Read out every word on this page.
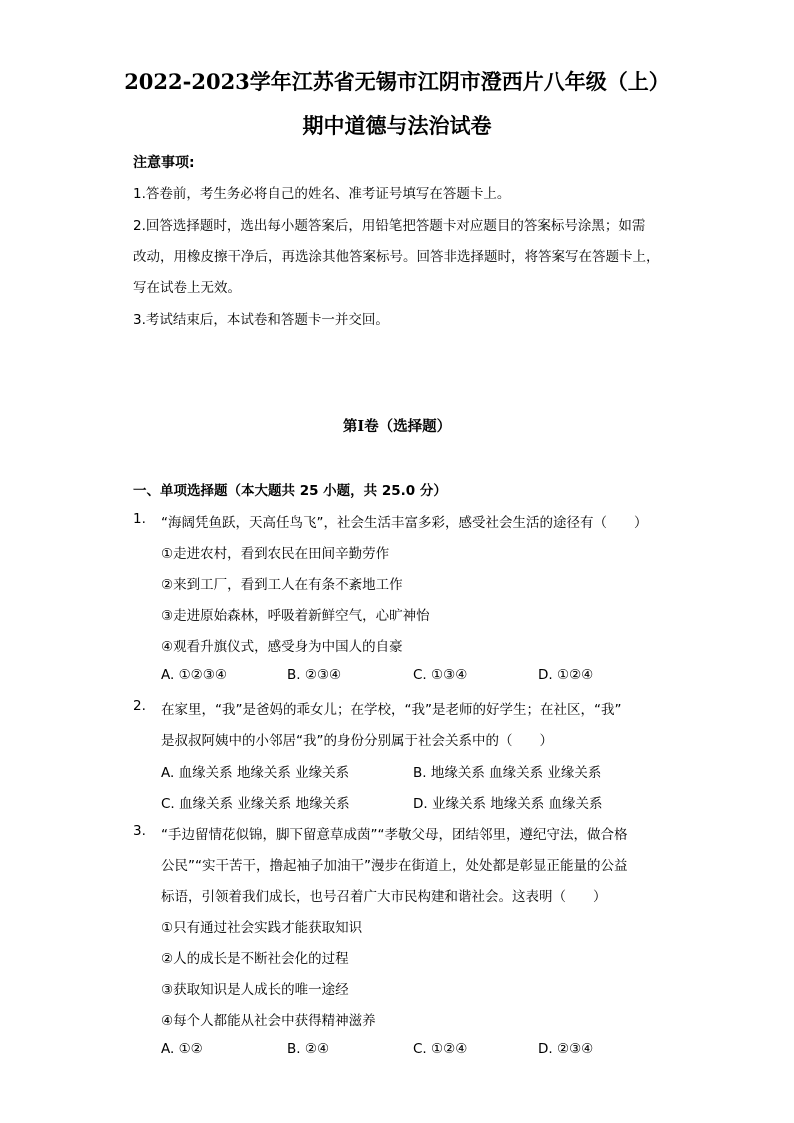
2022-2023学年江苏省无锡市江阴市澄西片八年级（上）
期中道德与法治试卷
注意事项:
1.答卷前，考生务必将自己的姓名、准考证号填写在答题卡上。
2.回答选择题时，选出每小题答案后，用铅笔把答题卡对应题目的答案标号涂黑；如需
改动，用橡皮擦干净后，再选涂其他答案标号。回答非选择题时，将答案写在答题卡上，
写在试卷上无效。
3.考试结束后，本试卷和答题卡一并交回。
第I卷（选择题）
一、单项选择题（本大题共 25 小题，共 25.0 分）
1. “海阔凭鱼跃，天高任鸟飞”，社会生活丰富多彩，感受社会生活的途径有（　　）
①走进农村，看到农民在田间辛勤劳作
②来到工厂，看到工人在有条不紊地工作
③走进原始森林，呼吸着新鲜空气，心旷神怡
④观看升旗仪式，感受身为中国人的自豪
A. ①②③④	B. ②③④	C. ①③④	D. ①②④
2. 在家里，“我”是爸妈的乖女儿；在学校，“我”是老师的好学生；在社区，“我”
是叔叔阿姨中的小邻居“我”的身份分别属于社会关系中的（　　）
A. 血缘关系 地缘关系 业缘关系	B. 地缘关系 血缘关系 业缘关系
C. 血缘关系 业缘关系 地缘关系	D. 业缘关系 地缘关系 血缘关系
3. “手边留情花似锦，脚下留意草成茵”“孝敬父母，团结邻里，遵纪守法，做合格
公民”“实干苦干，撸起袖子加油干”漫步在街道上，处处都是彰显正能量的公益
标语，引领着我们成长，也号召着广大市民构建和谐社会。这表明（　　）
①只有通过社会实践才能获取知识
②人的成长是不断社会化的过程
③获取知识是人成长的唯一途经
④每个人都能从社会中获得精神滋养
A. ①②	B. ②④	C. ①②④	D. ②③④
